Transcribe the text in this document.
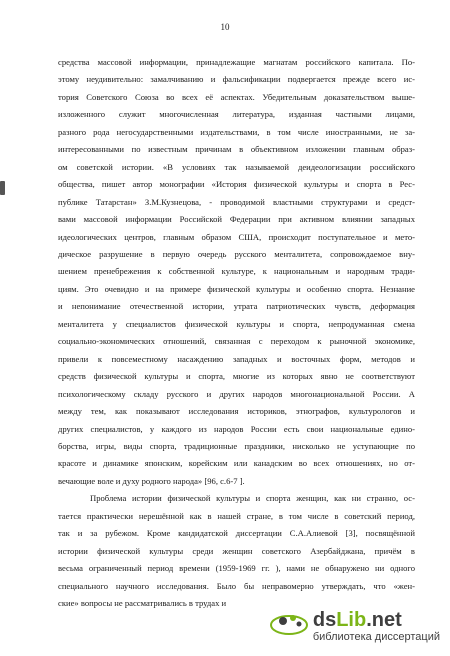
10
средства массовой информации, принадлежащие магнатам российского капитала. По-
этому неудивительно: замалчиванию и фальсификации подвергается прежде всего ис-
тория Советского Союза во всех её аспектах. Убедительным доказательством выше-
изложенного служит многочисленная литература, изданная частными лицами,
разного рода негосударственными издательствами, в том числе иностранными, не за-
интересованными по известным причинам в объективном изложении главным образ-
ом советской истории. «В условиях так называемой деидеологизации российского
общества, пишет автор монографии «История физической культуры и спорта в Рес-
публике Татарстан» З.М.Кузнецова, - проводимой властными структурами и средст-
вами массовой информации Российской Федерации при активном влиянии западных
идеологических центров, главным образом США, происходит поступательное и мето-
дическое разрушение в первую очередь русского менталитета, сопровождаемое вну-
шением пренебрежения к собственной культуре, к национальным и народным тради-
циям. Это очевидно и на примере физической культуры и особенно спорта. Незнание
и непонимание отечественной истории, утрата патриотических чувств, деформация
менталитета у специалистов физической культуры и спорта, непродуманная смена
социально-экономических отношений, связанная с переходом к рыночной экономике,
привели к повсеместному насаждению западных и восточных форм, методов и
средств физической культуры и спорта, многие из которых явно не соответствуют
психологическому складу русского и других народов многонациональной России. А
между тем, как показывают исследования историков, этнографов, культурологов и
других специалистов, у каждого из народов России есть свои национальные едино-
борства, игры, виды спорта, традиционные праздники, нисколько не уступающие по
красоте и динамике японским, корейским или канадским во всех отношениях, но от-
вечающие воле и духу родного народа» [96, с.6-7 ].
Проблема истории физической культуры и спорта женщин, как ни странно, ос-
тается практически нерешённой как в нашей стране, в том числе в советский период,
так и за рубежом. Кроме кандидатской диссертации С.А.Алиевой [3], посвящённой
истории физической культуры среди женщин советского Азербайджана, причём в
весьма ограниченный период времени (1959-1969 гг. ), нами не обнаружено ни одного
специального научного исследования. Было бы неправомерно утверждать, что «жен-
ские» вопросы не рассматривались в трудах и
dsLib.net
библиотека диссертаций
